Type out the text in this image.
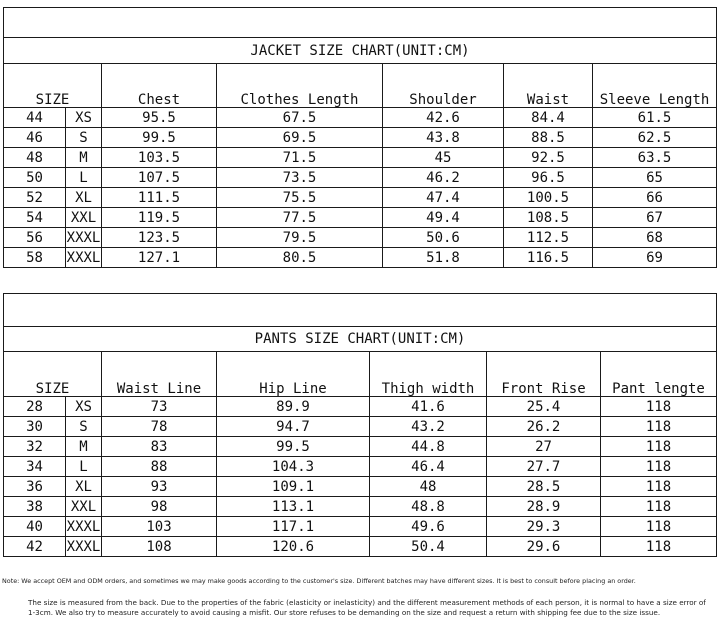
JACKET SIZE CHART(UNIT:CM)						
SIZE		Chest	Clothes Length	Shoulder	Waist	Sleeve Length
44	XS	95.5	67.5	42.6	84.4	61.5
46	S	99.5	69.5	43.8	88.5	62.5
48	M	103.5	71.5	45	92.5	63.5
50	L	107.5	73.5	46.2	96.5	65
52	XL	111.5	75.5	47.4	100.5	66
54	XXL	119.5	77.5	49.4	108.5	67
56	XXXL	123.5	79.5	50.6	112.5	68
58	XXXL	127.1	80.5	51.8	116.5	69

PANTS SIZE CHART(UNIT:CM)						
SIZE		Waist Line	Hip Line	Thigh width	Front Rise	Pant lengte
28	XS	73	89.9	41.6	25.4	118
30	S	78	94.7	43.2	26.2	118
32	M	83	99.5	44.8	27	118
34	L	88	104.3	46.4	27.7	118
36	XL	93	109.1	48	28.5	118
38	XXL	98	113.1	48.8	28.9	118
40	XXXL	103	117.1	49.6	29.3	118
42	XXXL	108	120.6	50.4	29.6	118
Note: We accept OEM and ODM orders, and sometimes we may make goods according to the customer's size. Different batches may have different sizes. It is best to consult before placing an order.
The size is measured from the back. Due to the properties of the fabric (elasticity or inelasticity) and the different measurement methods of each person, it is normal to have a size error of 1-3cm. We also try to measure accurately to avoid causing a misfit. Our store refuses to be demanding on the size and request a return with shipping fee due to the size issue.
